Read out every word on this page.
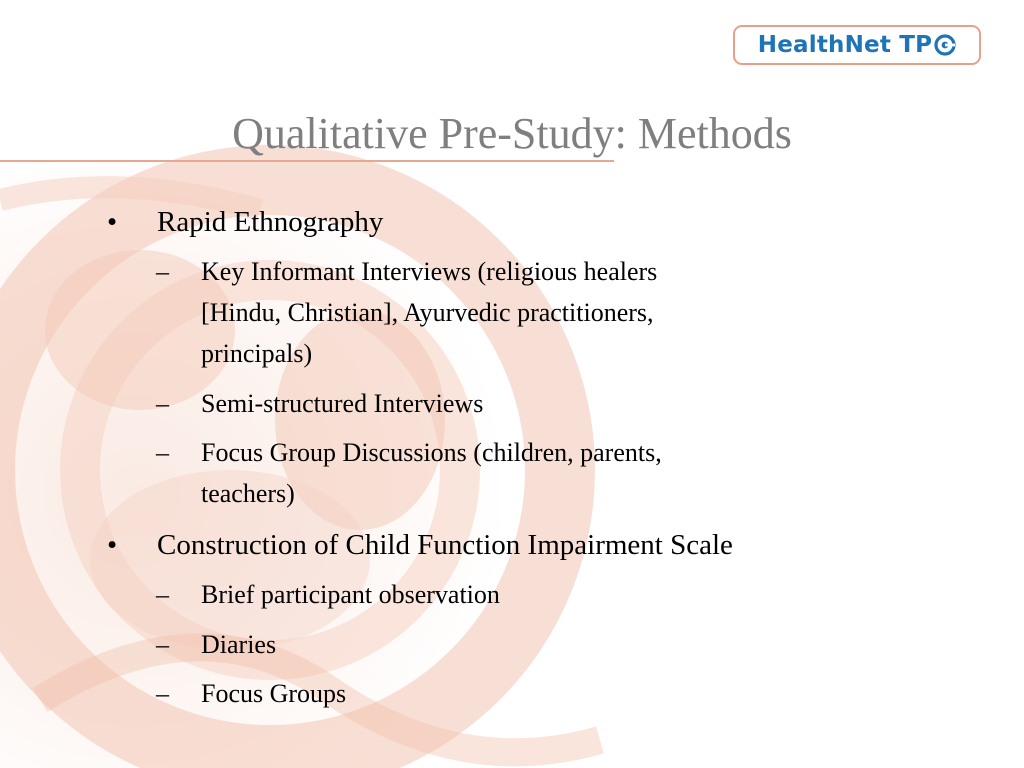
HealthNet TP
Qualitative Pre-Study: Methods
• Rapid Ethnography
– Key Informant Interviews (religious healers
[Hindu, Christian], Ayurvedic practitioners,
principals)
– Semi-structured Interviews
– Focus Group Discussions (children, parents,
teachers)
• Construction of Child Function Impairment Scale
– Brief participant observation
– Diaries
– Focus Groups
